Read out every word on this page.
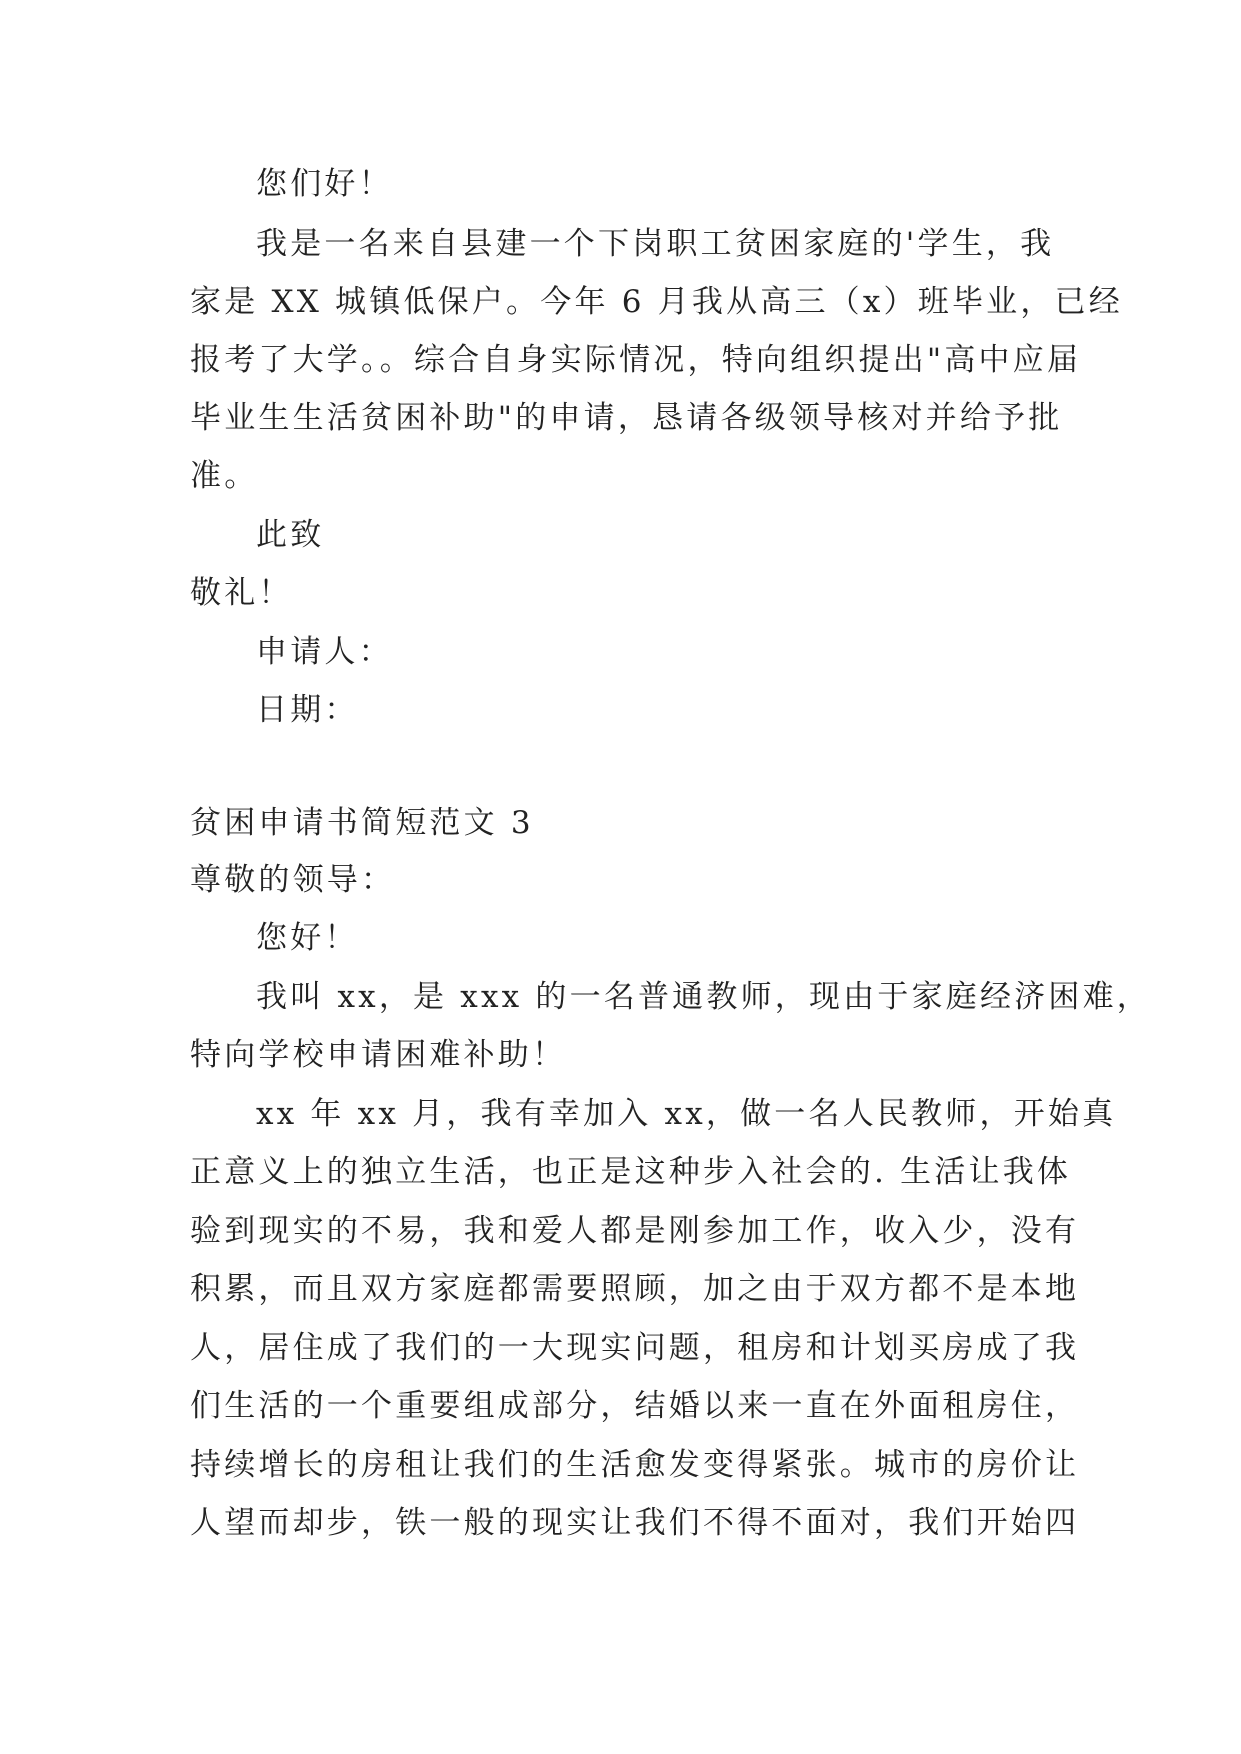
您们好！
我是一名来自县建一个下岗职工贫困家庭的'学生，我
家是 XX 城镇低保户。今年 6 月我从高三（x）班毕业，已经
报考了大学。。综合自身实际情况，特向组织提出"高中应届
毕业生生活贫困补助"的申请，恳请各级领导核对并给予批
准。
此致
敬礼！
申请人：
日期：
贫困申请书简短范文 3
尊敬的领导：
您好！
我叫 xx，是 xxx 的一名普通教师，现由于家庭经济困难，
特向学校申请困难补助！
xx 年 xx 月，我有幸加入 xx，做一名人民教师，开始真
正意义上的独立生活，也正是这种步入社会的. 生活让我体
验到现实的不易，我和爱人都是刚参加工作，收入少，没有
积累，而且双方家庭都需要照顾，加之由于双方都不是本地
人，居住成了我们的一大现实问题，租房和计划买房成了我
们生活的一个重要组成部分，结婚以来一直在外面租房住，
持续增长的房租让我们的生活愈发变得紧张。城市的房价让
人望而却步，铁一般的现实让我们不得不面对，我们开始四
